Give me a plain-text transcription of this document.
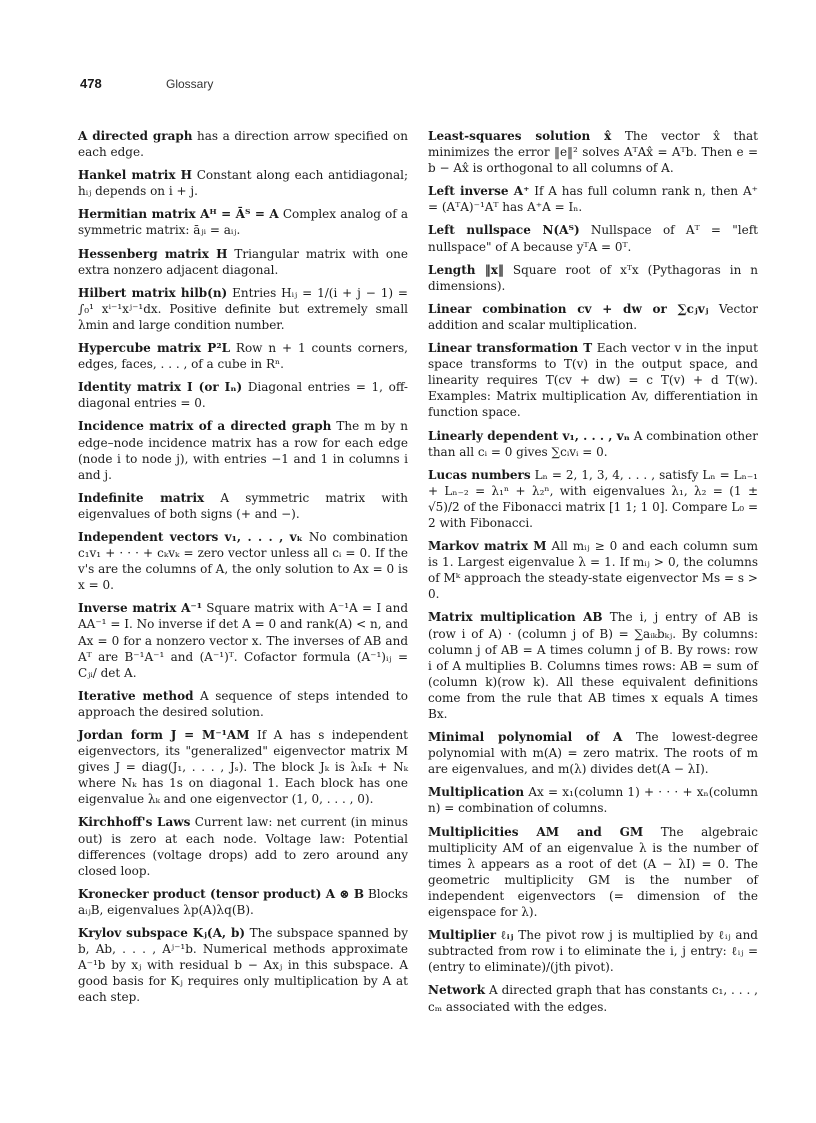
478	Glossary

A directed graph has a direction arrow specified on each edge.

Hankel matrix H Constant along each antidiagonal; hᵢⱼ depends on i + j.

Hermitian matrix Aᴴ = Āᵀ = A Complex analog of a symmetric matrix: āⱼᵢ = aᵢⱼ.

Hessenberg matrix H Triangular matrix with one extra nonzero adjacent diagonal.

Hilbert matrix hilb(n) Entries Hᵢⱼ = 1/(i + j − 1) = ∫₀¹ xⁱ⁻¹xʲ⁻¹dx. Positive definite but extremely small λmin and large condition number.

Hypercube matrix P²L Row n + 1 counts corners, edges, faces, . . . , of a cube in Rⁿ.

Identity matrix I (or Iₙ) Diagonal entries = 1, off-diagonal entries = 0.

Incidence matrix of a directed graph The m by n edge–node incidence matrix has a row for each edge (node i to node j), with entries −1 and 1 in columns i and j.

Indefinite matrix A symmetric matrix with eigenvalues of both signs (+ and −).

Independent vectors v₁, . . . , vₖ No combination c₁v₁ + · · · + cₖvₖ = zero vector unless all cᵢ = 0. If the v's are the columns of A, the only solution to Ax = 0 is x = 0.

Inverse matrix A⁻¹ Square matrix with A⁻¹A = I and AA⁻¹ = I. No inverse if det A = 0 and rank(A) < n, and Ax = 0 for a nonzero vector x. The inverses of AB and Aᵀ are B⁻¹A⁻¹ and (A⁻¹)ᵀ. Cofactor formula (A⁻¹)ᵢⱼ = Cⱼᵢ/ det A.

Iterative method A sequence of steps intended to approach the desired solution.

Jordan form J = M⁻¹AM If A has s independent eigenvectors, its "generalized" eigenvector matrix M gives J = diag(J₁, . . . , Jₛ). The block Jₖ is λₖIₖ + Nₖ where Nₖ has 1s on diagonal 1. Each block has one eigenvalue λₖ and one eigenvector (1, 0, . . . , 0).

Kirchhoff's Laws Current law: net current (in minus out) is zero at each node. Voltage law: Potential differences (voltage drops) add to zero around any closed loop.

Kronecker product (tensor product) A ⊗ B Blocks aᵢⱼB, eigenvalues λp(A)λq(B).

Krylov subspace Kⱼ(A, b) The subspace spanned by b, Ab, . . . , Aʲ⁻¹b. Numerical methods approximate A⁻¹b by xⱼ with residual b − Axⱼ in this subspace. A good basis for Kⱼ requires only multiplication by A at each step.

Least-squares solution x̂ The vector x̂ that minimizes the error ‖e‖² solves AᵀAx̂ = Aᵀb. Then e = b − Ax̂ is orthogonal to all columns of A.

Left inverse A⁺ If A has full column rank n, then A⁺ = (AᵀA)⁻¹Aᵀ has A⁺A = Iₙ.

Left nullspace N(Aᵀ) Nullspace of Aᵀ = "left nullspace" of A because yᵀA = 0ᵀ.

Length ‖x‖ Square root of xᵀx (Pythagoras in n dimensions).

Linear combination cv + dw or ∑cⱼvⱼ Vector addition and scalar multiplication.

Linear transformation T Each vector v in the input space transforms to T(v) in the output space, and linearity requires T(cv + dw) = c T(v) + d T(w). Examples: Matrix multiplication Av, differentiation in function space.

Linearly dependent v₁, . . . , vₙ A combination other than all cᵢ = 0 gives ∑cᵢvᵢ = 0.

Lucas numbers Lₙ = 2, 1, 3, 4, . . . , satisfy Lₙ = Lₙ₋₁ + Lₙ₋₂ = λ₁ⁿ + λ₂ⁿ, with eigenvalues λ₁, λ₂ = (1 ± √5)/2 of the Fibonacci matrix [1 1; 1 0]. Compare L₀ = 2 with Fibonacci.

Markov matrix M All mᵢⱼ ≥ 0 and each column sum is 1. Largest eigenvalue λ = 1. If mᵢⱼ > 0, the columns of Mᵏ approach the steady-state eigenvector Ms = s > 0.

Matrix multiplication AB The i, j entry of AB is (row i of A) · (column j of B) = ∑aᵢₖbₖⱼ. By columns: column j of AB = A times column j of B. By rows: row i of A multiplies B. Columns times rows: AB = sum of (column k)(row k). All these equivalent definitions come from the rule that AB times x equals A times Bx.

Minimal polynomial of A The lowest-degree polynomial with m(A) = zero matrix. The roots of m are eigenvalues, and m(λ) divides det(A − λI).

Multiplication Ax = x₁(column 1) + · · · + xₙ(column n) = combination of columns.

Multiplicities AM and GM The algebraic multiplicity AM of an eigenvalue λ is the number of times λ appears as a root of det (A − λI) = 0. The geometric multiplicity GM is the number of independent eigenvectors (= dimension of the eigenspace for λ).

Multiplier ℓᵢⱼ The pivot row j is multiplied by ℓᵢⱼ and subtracted from row i to eliminate the i, j entry: ℓᵢⱼ = (entry to eliminate)/(jth pivot).

Network A directed graph that has constants c₁, . . . , cₘ associated with the edges.
